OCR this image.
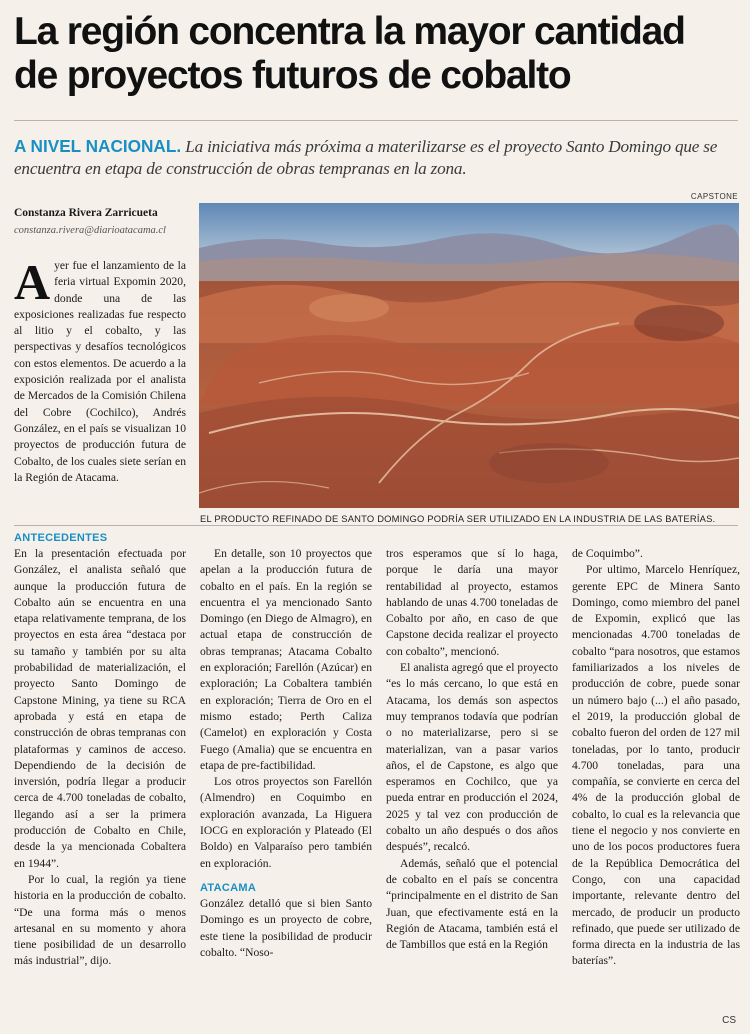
La región concentra la mayor cantidad
de proyectos futuros de cobalto
A NIVEL NACIONAL. La iniciativa más próxima a materilizarse es el proyecto Santo Domingo que se encuentra en etapa de construcción de obras tempranas en la zona.
Constanza Rivera Zarricueta
constanza.rivera@diarioatacama.cl
CAPSTONE
EL PRODUCTO REFINADO DE SANTO DOMINGO PODRÍA SER UTILIZADO EN LA INDUSTRIA DE LAS BATERÍAS.

Ayer fue el lanzamiento de la feria virtual Expomin 2020, donde una de las exposiciones realizadas fue respecto al litio y el cobalto, y las perspectivas y desafíos tecnológicos con estos elementos. De acuerdo a la exposición realizada por el analista de Mercados de la Comisión Chilena del Cobre (Cochilco), Andrés González, en el país se visualizan 10 proyectos de producción futura de Cobalto, de los cuales siete serían en la Región de Atacama.

ANTECEDENTES

En la presentación efectuada por González, el analista señaló que aunque la producción futura de Cobalto aún se encuentra en una etapa relativamente temprana, de los proyectos en esta área “destaca por su tamaño y también por su alta probabilidad de materialización, el proyecto Santo Domingo de Capstone Mining, ya tiene su RCA aprobada y está en etapa de construcción de obras tempranas con plataformas y caminos de acceso. Dependiendo de la decisión de inversión, podría llegar a producir cerca de 4.700 toneladas de cobalto, llegando así a ser la primera producción de Cobalto en Chile, desde la ya mencionada Cobaltera en 1944”.

Por lo cual, la región ya tiene historia en la producción de cobalto. “De una forma más o menos artesanal en su momento y ahora tiene posibilidad de un desarrollo más industrial”, dijo.

En detalle, son 10 proyectos que apelan a la producción futura de cobalto en el país. En la región se encuentra el ya mencionado Santo Domingo (en Diego de Almagro), en actual etapa de construcción de obras tempranas; Atacama Cobalto en exploración; Farellón (Azúcar) en exploración; La Cobaltera también en exploración; Tierra de Oro en el mismo estado; Perth Caliza (Camelot) en exploración y Costa Fuego (Amalia) que se encuentra en etapa de pre-factibilidad.

Los otros proyectos son Farellón (Almendro) en Coquimbo en exploración avanzada, La Higuera IOCG en exploración y Plateado (El Boldo) en Valparaíso pero también en exploración.

ATACAMA

González detalló que si bien Santo Domingo es un proyecto de cobre, este tiene la posibilidad de producir cobalto. “Noso-

tros esperamos que sí lo haga, porque le daría una mayor rentabilidad al proyecto, estamos hablando de unas 4.700 toneladas de Cobalto por año, en caso de que Capstone decida realizar el proyecto con cobalto”, mencionó.

El analista agregó que el proyecto “es lo más cercano, lo que está en Atacama, los demás son aspectos muy tempranos todavía que podrían o no materializarse, pero si se materializan, van a pasar varios años, el de Capstone, es algo que esperamos en Cochilco, que ya pueda entrar en producción el 2024, 2025 y tal vez con producción de cobalto un año después o dos años después”, recalcó.

Además, señaló que el potencial de cobalto en el país se concentra “principalmente en el distrito de San Juan, que efectivamente está en la Región de Atacama, también está el de Tambillos que está en la Región

de Coquimbo”.

Por ultimo, Marcelo Henríquez, gerente EPC de Minera Santo Domingo, como miembro del panel de Expomin, explicó que las mencionadas 4.700 toneladas de cobalto “para nosotros, que estamos familiarizados a los niveles de producción de cobre, puede sonar un número bajo (...) el año pasado, el 2019, la producción global de cobalto fueron del orden de 127 mil toneladas, por lo tanto, producir 4.700 toneladas, para una compañía, se convierte en cerca del 4% de la producción global de cobalto, lo cual es la relevancia que tiene el negocio y nos convierte en uno de los pocos productores fuera de la República Democrática del Congo, con una capacidad importante, relevante dentro del mercado, de producir un producto refinado, que puede ser utilizado de forma directa en la industria de las baterías”.

CS
